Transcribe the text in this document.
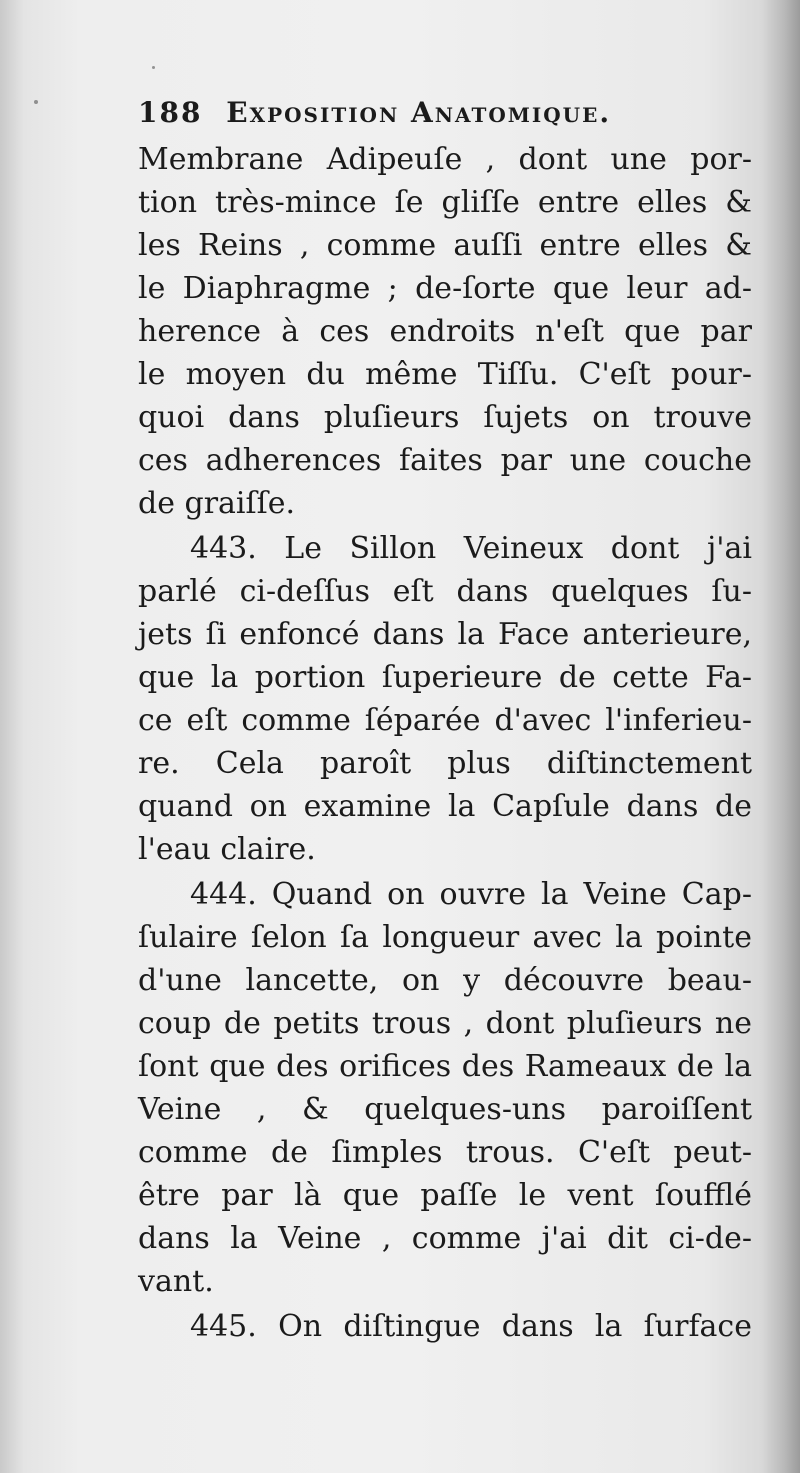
188 Exposition Anatomique.
Membrane Adipeuſe , dont une por-
tion très-mince ſe gliſſe entre elles &
les Reins , comme auſſi entre elles &
le Diaphragme ; de-ſorte que leur ad-
herence à ces endroits n'eſt que par
le moyen du même Tiſſu. C'eſt pour-
quoi dans pluſieurs ſujets on trouve
ces adherences faites par une couche
de graiſſe.
443. Le Sillon Veineux dont j'ai
parlé ci-deſſus eſt dans quelques ſu-
jets ſi enfoncé dans la Face anterieure,
que la portion ſuperieure de cette Fa-
ce eſt comme ſéparée d'avec l'inferieu-
re. Cela paroît plus diſtinctement
quand on examine la Capſule dans de
l'eau claire.
444. Quand on ouvre la Veine Cap-
ſulaire ſelon ſa longueur avec la pointe
d'une lancette, on y découvre beau-
coup de petits trous , dont pluſieurs ne
ſont que des orifices des Rameaux de la
Veine , & quelques-uns paroiſſent
comme de ſimples trous. C'eſt peut-
être par là que paſſe le vent ſoufflé
dans la Veine , comme j'ai dit ci-de-
vant.
445. On diſtingue dans la ſurface
